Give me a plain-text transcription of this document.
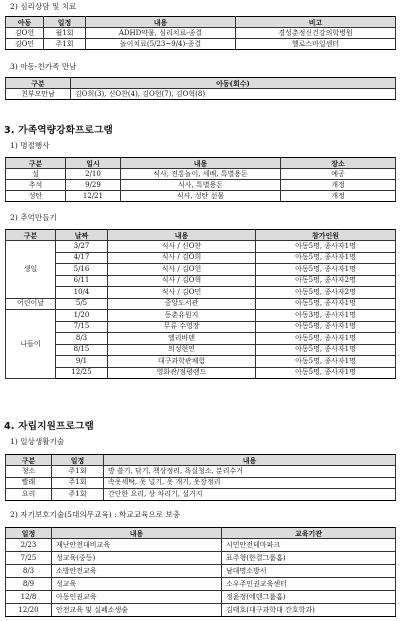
2) 심리상담 및 치료
아동	일정	내용	비고
김O헌	월1회	ADHD약물, 심리치료-종결	경성춘정신건강의학병원
김O민	주1회	놀이치료(5/23~9/4)-종결	헬로스마일센터
3) 아동-친가족 만남
구분	아동(회수)
친부모만남	김O희(3), 신O찬(4), 김O헌(7), 김O혁(8)
3. 가족역량강화프로그램
1) 명절행사
구분	일시	내용	장소
설	2/10	식사, 전통놀이, 세배, 특별용돈	예공
추석	9/29	식사, 특별용돈	개정
성탄	12/21	식사, 성탄 선물	개정
2) 추억만들기
구분	날짜	내용	참가인원
생일	3/27	식사 / 신O찬	아동5명, 종사자1명
	4/17	식사 / 김O희	아동5명, 종사자1명
	5/16	식사 / 김O헌	아동5명, 종사자1명
	6/11	식사 / 김O혁	아동5명, 종사자2명
	10/4	식사 / 김O민	아동5명, 종사자2명
어린이날	5/5	중앙도서관	아동5명, 종사자1명
나들이	1/20	동춘유원지	아동3명, 종사자1명
	7/15	무류 수영장	아동5명, 종사자1명
	8/3	엘리바덴	아동5명, 종사자1명
	8/15	의성현연	아동5명, 종사자1명
	9/1	대구과학관체험	아동5명, 종사자1명
	12/25	영화관/점평랜드	아동5명, 종사자1명
4. 자립지원프로그램
1) 일상생활기술
구분	일정	내용
청소	주1회	방 쓸기, 닦기, 책상정리, 욕실청소, 분리수거
빨래	주1회	속옷세탁, 옷 널기, 옷 개기, 옷장정리
요리	주1회	간단한 요리, 상 차리기, 설거지
2) 자기보호기술(5대의무교육) : 학교교육으로 보충
일정	내용	교육기관
2/23	재난안전대비교육	시민안전테마파크
7/25	성교육(중등)	표주형(한결그룹홈)
8/3	소방안전교육	남대명소방서
8/9	성교육	소우주인권교육센터
12/8	아동인권교육	정윤정(에덴그룹홈)
12/20	안전교육 및 실폐소생술	김태호(대구과학대 간호학과)
